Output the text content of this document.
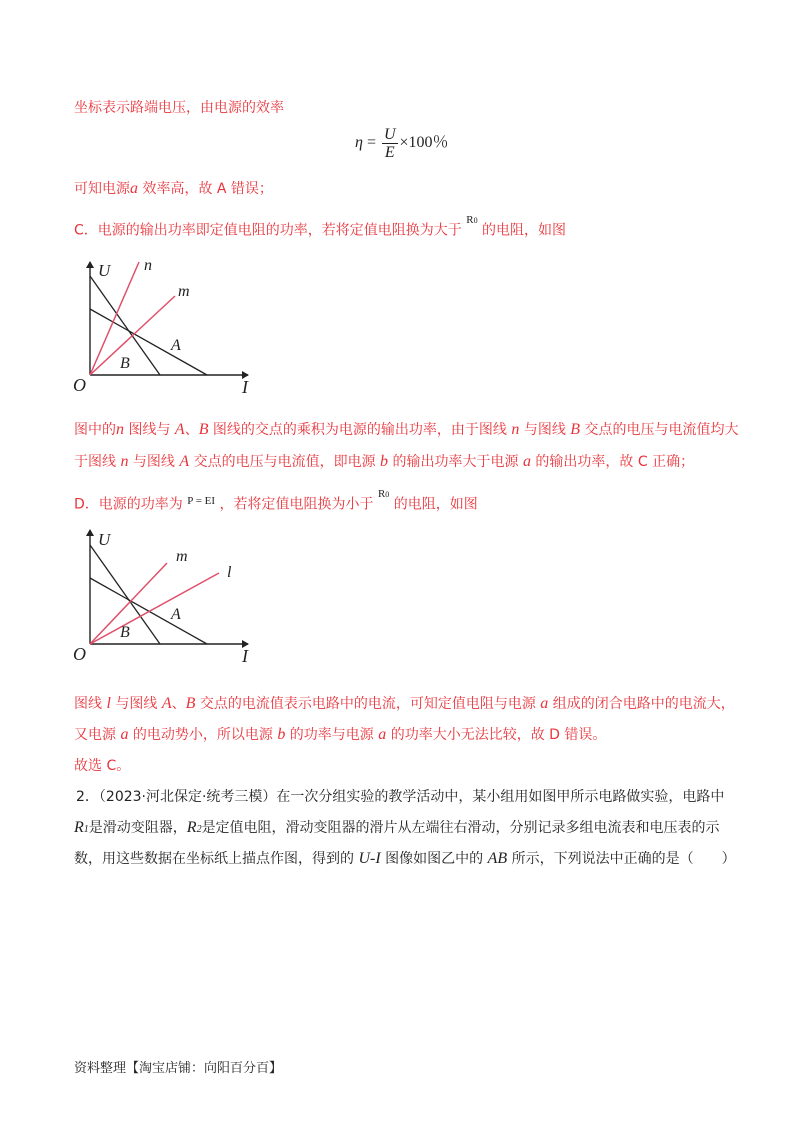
坐标表示路端电压，由电源的效率
$\eta = \frac{U}{E} \times 100$％
可知电源a 效率高，故 A 错误；
C．电源的输出功率即定值电阻的功率，若将定值电阻换为大于 R0 的电阻，如图
U n
m
A
B
O	I
图中的n 图线与 A、B 图线的交点的乘积为电源的输出功率，由于图线 n 与图线 B 交点的电压与电流值均大
于图线 n 与图线 A 交点的电压与电流值，即电源 b 的输出功率大于电源 a 的输出功率，故 C 正确；
D．电源的功率为 P = EI ，若将定值电阻换为小于 R0 的电阻，如图
U
m
l
A
B
O	I
图线 l 与图线 A、B 交点的电流值表示电路中的电流，可知定值电阻与电源 a 组成的闭合电路中的电流大，
又电源 a 的电动势小，所以电源 b 的功率与电源 a 的功率大小无法比较，故 D 错误。
故选 C。
2．（2023·河北保定·统考三模）在一次分组实验的教学活动中，某小组用如图甲所示电路做实验，电路中
R1是滑动变阻器，R2是定值电阻，滑动变阻器的滑片从左端往右滑动，分别记录多组电流表和电压表的示
数，用这些数据在坐标纸上描点作图，得到的 U-I 图像如图乙中的 AB 所示，下列说法中正确的是（　　）
资料整理【淘宝店铺：向阳百分百】
